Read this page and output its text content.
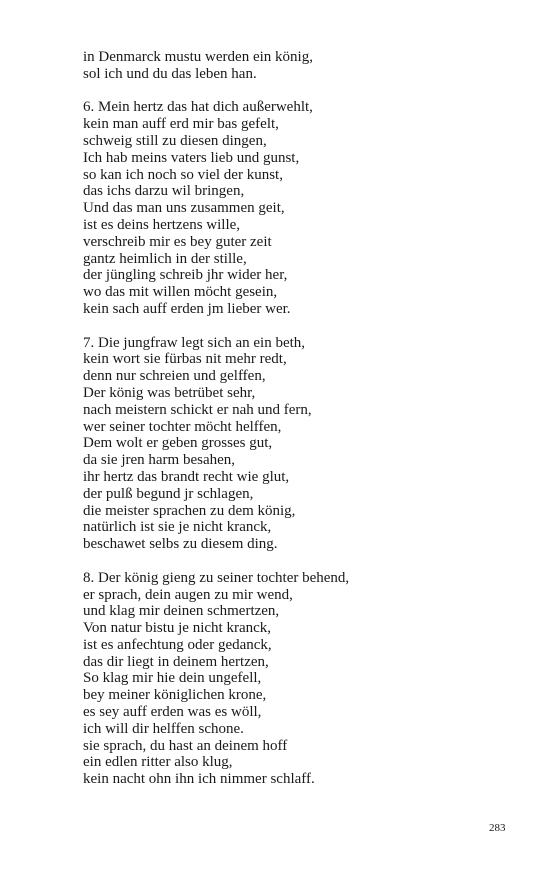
in Denmarck mustu werden ein könig,
sol ich und du das leben han.
6. Mein hertz das hat dich außerwehlt,
kein man auff erd mir bas gefelt,
schweig still zu diesen dingen,
Ich hab meins vaters lieb und gunst,
so kan ich noch so viel der kunst,
das ichs darzu wil bringen,
Und das man uns zusammen geit,
ist es deins hertzens wille,
verschreib mir es bey guter zeit
gantz heimlich in der stille,
der jüngling schreib jhr wider her,
wo das mit willen möcht gesein,
kein sach auff erden jm lieber wer.
7. Die jungfraw legt sich an ein beth,
kein wort sie fürbas nit mehr redt,
denn nur schreien und gelffen,
Der könig was betrübet sehr,
nach meistern schickt er nah und fern,
wer seiner tochter möcht helffen,
Dem wolt er geben grosses gut,
da sie jren harm besahen,
ihr hertz das brandt recht wie glut,
der pulß begund jr schlagen,
die meister sprachen zu dem könig,
natürlich ist sie je nicht kranck,
beschawet selbs zu diesem ding.
8. Der könig gieng zu seiner tochter behend,
er sprach, dein augen zu mir wend,
und klag mir deinen schmertzen,
Von natur bistu je nicht kranck,
ist es anfechtung oder gedanck,
das dir liegt in deinem hertzen,
So klag mir hie dein ungefell,
bey meiner königlichen krone,
es sey auff erden was es wöll,
ich will dir helffen schone.
sie sprach, du hast an deinem hoff
ein edlen ritter also klug,
kein nacht ohn ihn ich nimmer schlaff.
283
